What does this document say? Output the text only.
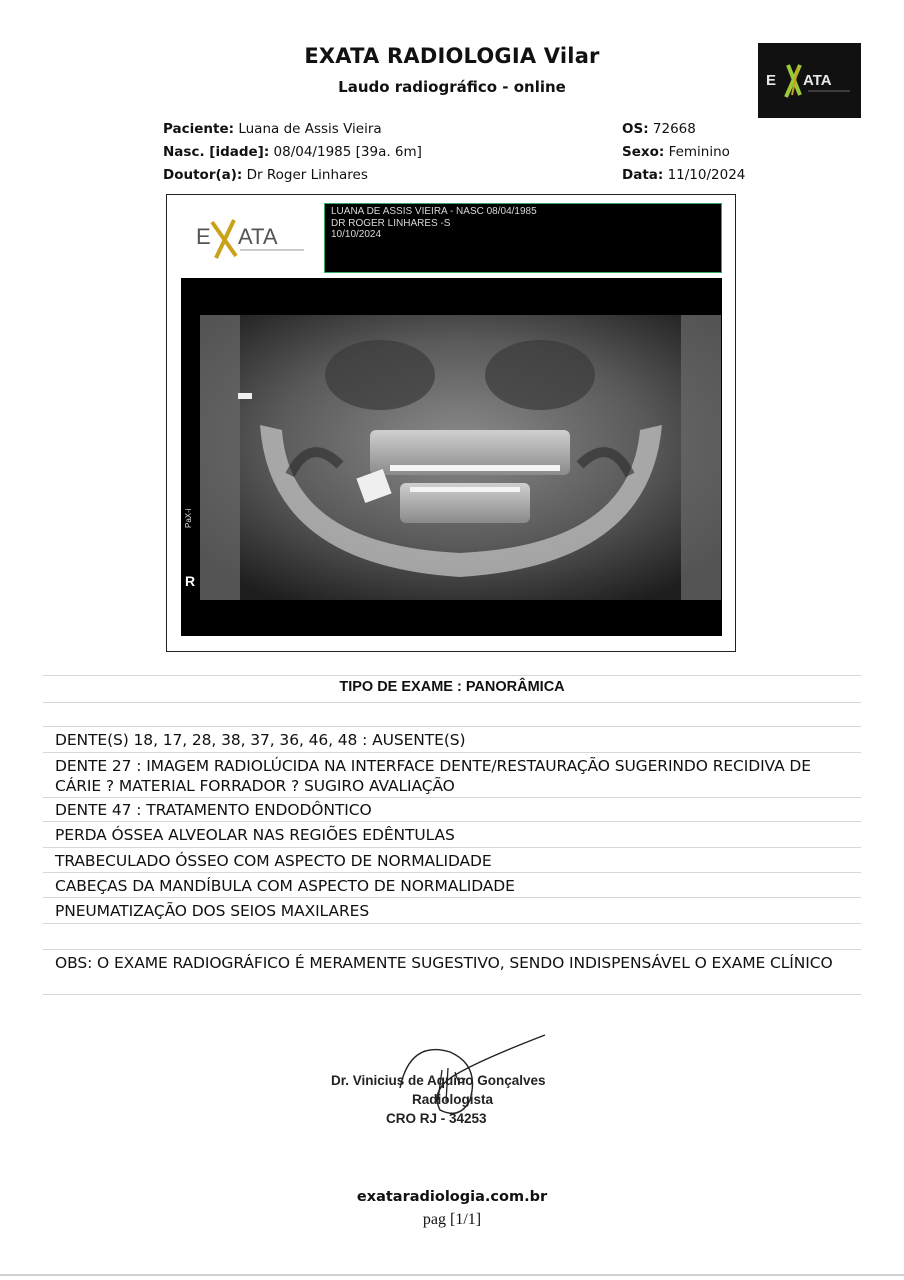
EXATA RADIOLOGIA Vilar
Laudo radiográfico - online	E ATA
Paciente: Luana de Assis Vieira
Nasc. [idade]: 08/04/1985 [39a. 6m]
Doutor(a): Dr Roger Linhares
OS: 72668
Sexo: Feminino
Data: 11/10/2024
E ATA
LUANA DE ASSIS VIEIRA - NASC 08/04/1985
DR ROGER LINHARES -S
10/10/2024
PaX-i
R
TIPO DE EXAME : PANORÂMICA
DENTE(S) 18, 17, 28, 38, 37, 36, 46, 48 : AUSENTE(S)
DENTE 27 : IMAGEM RADIOLÚCIDA NA INTERFACE DENTE/RESTAURAÇÃO SUGERINDO RECIDIVA DE CÁRIE ? MATERIAL FORRADOR ? SUGIRO AVALIAÇÃO
DENTE 47 : TRATAMENTO ENDODÔNTICO
PERDA ÓSSEA ALVEOLAR NAS REGIÕES EDÊNTULAS
TRABECULADO ÓSSEO COM ASPECTO DE NORMALIDADE
CABEÇAS DA MANDÍBULA COM ASPECTO DE NORMALIDADE
PNEUMATIZAÇÃO DOS SEIOS MAXILARES
OBS: O EXAME RADIOGRÁFICO É MERAMENTE SUGESTIVO, SENDO INDISPENSÁVEL O EXAME CLÍNICO
Dr. Vinicius de Aquino Gonçalves
Radiologista
CRO RJ - 34253
exataradiologia.com.br
pag [1/1]
